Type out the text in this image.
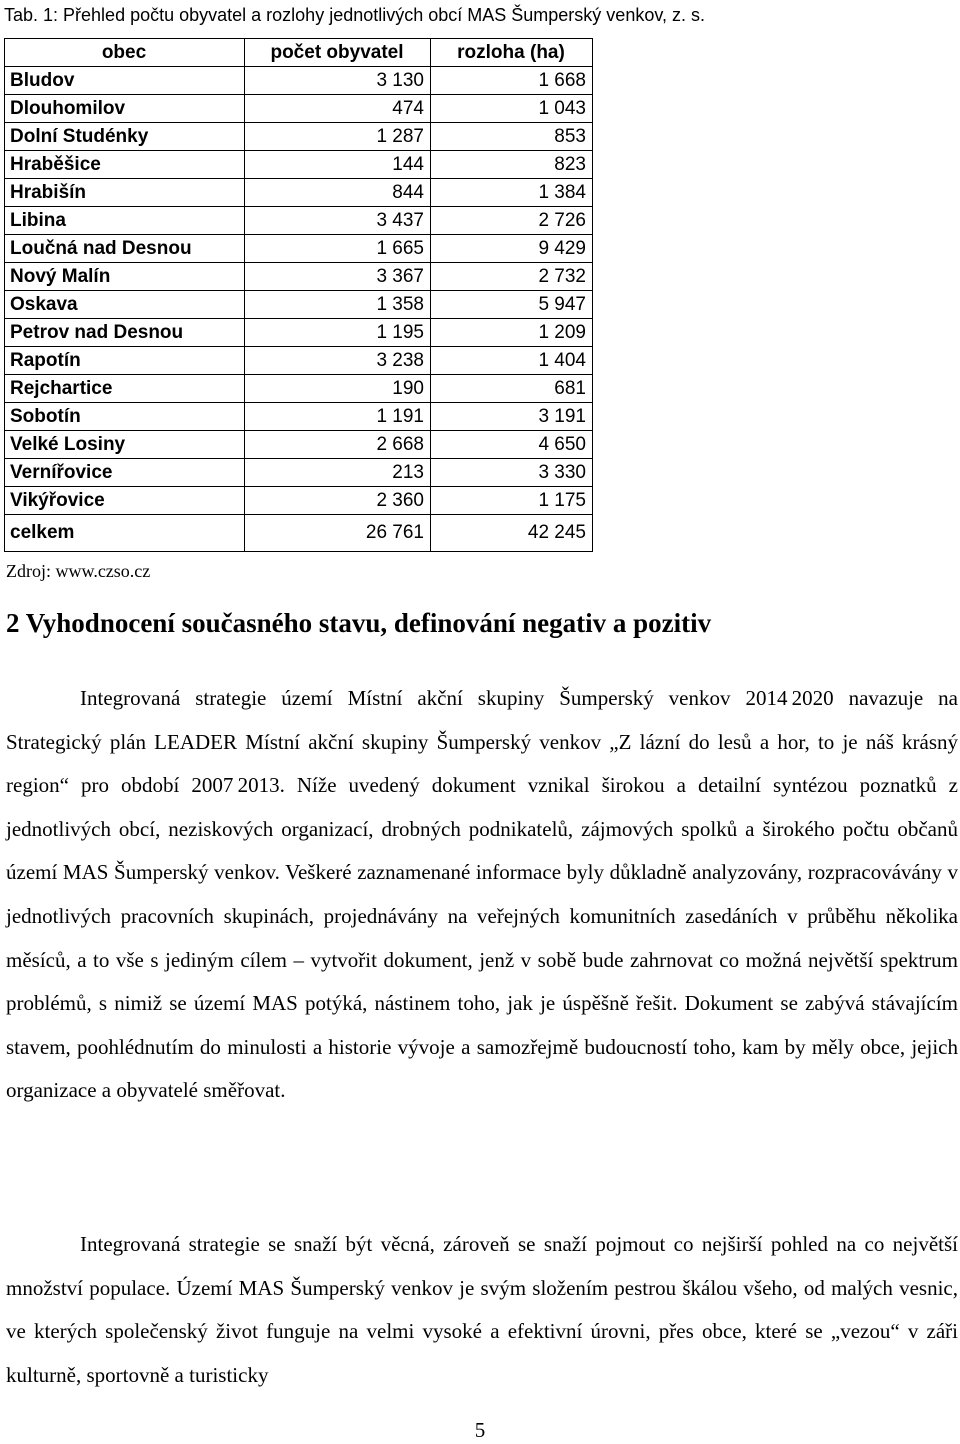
Tab. 1: Přehled počtu obyvatel a rozlohy jednotlivých obcí MAS Šumperský venkov, z. s.
obec	počet obyvatel	rozloha (ha)
Bludov	3 130	1 668
Dlouhomilov	474	1 043
Dolní Studénky	1 287	853
Hraběšice	144	823
Hrabišín	844	1 384
Libina	3 437	2 726
Loučná nad Desnou	1 665	9 429
Nový Malín	3 367	2 732
Oskava	1 358	5 947
Petrov nad Desnou	1 195	1 209
Rapotín	3 238	1 404
Rejchartice	190	681
Sobotín	1 191	3 191
Velké Losiny	2 668	4 650
Vernířovice	213	3 330
Vikýřovice	2 360	1 175
celkem	26 761	42 245
Zdroj: www.czso.cz
2 Vyhodnocení současného stavu, definování negativ a pozitiv

Integrovaná strategie území Místní akční skupiny Šumperský venkov 2014 2020 navazuje na Strategický plán LEADER Místní akční skupiny Šumperský venkov „Z lázní do lesů a hor, to je náš krásný region“ pro období 2007 2013. Níže uvedený dokument vznikal širokou a detailní syntézou poznatků z jednotlivých obcí, neziskových organizací, drobných podnikatelů, zájmových spolků a širokého počtu občanů území MAS Šumperský venkov. Veškeré zaznamenané informace byly důkladně analyzovány, rozpracovávány v jednotlivých pracovních skupinách, projednávány na veřejných komunitních zasedáních v průběhu několika měsíců, a to vše s jediným cílem – vytvořit dokument, jenž v sobě bude zahrnovat co možná největší spektrum problémů, s nimiž se území MAS potýká, nástinem toho, jak je úspěšně řešit. Dokument se zabývá stávajícím stavem, poohlédnutím do minulosti a historie vývoje a samozřejmě budoucností toho, kam by měly obce, jejich organizace a obyvatelé směřovat.

Integrovaná strategie se snaží být věcná, zároveň se snaží pojmout co nejširší pohled na co největší množství populace. Území MAS Šumperský venkov je svým složením pestrou škálou všeho, od malých vesnic, ve kterých společenský život funguje na velmi vysoké a efektivní úrovni, přes obce, které se „vezou“ v záři kulturně, sportovně a turisticky

5
